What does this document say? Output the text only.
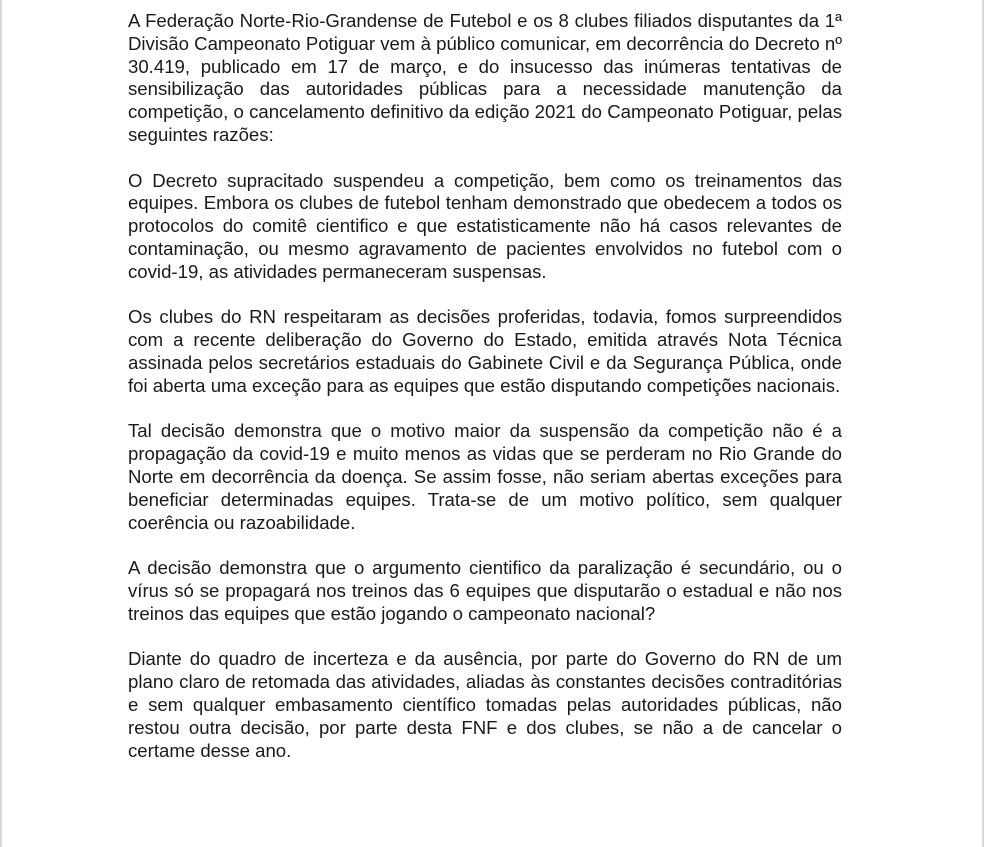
A Federação Norte-Rio-Grandense de Futebol e os 8 clubes filiados disputantes da 1ª Divisão Campeonato Potiguar vem à público comunicar, em decorrência do Decreto nº 30.419, publicado em 17 de março, e do insucesso das inúmeras tentativas de sensibilização das autoridades públicas para a necessidade manutenção da competição, o cancelamento definitivo da edição 2021 do Campeonato Potiguar, pelas seguintes razões:

O Decreto supracitado suspendeu a competição, bem como os treinamentos das equipes. Embora os clubes de futebol tenham demonstrado que obedecem a todos os protocolos do comitê cientifico e que estatisticamente não há casos relevantes de contaminação, ou mesmo agravamento de pacientes envolvidos no futebol com o covid-19, as atividades permaneceram suspensas.

Os clubes do RN respeitaram as decisões proferidas, todavia, fomos surpreendidos com a recente deliberação do Governo do Estado, emitida através Nota Técnica assinada pelos secretários estaduais do Gabinete Civil e da Segurança Pública, onde foi aberta uma exceção para as equipes que estão disputando competições nacionais.

Tal decisão demonstra que o motivo maior da suspensão da competição não é a propagação da covid-19 e muito menos as vidas que se perderam no Rio Grande do Norte em decorrência da doença. Se assim fosse, não seriam abertas exceções para beneficiar determinadas equipes. Trata-se de um motivo político, sem qualquer coerência ou razoabilidade.

A decisão demonstra que o argumento cientifico da paralização é secundário, ou o vírus só se propagará nos treinos das 6 equipes que disputarão o estadual e não nos treinos das equipes que estão jogando o campeonato nacional?

Diante do quadro de incerteza e da ausência, por parte do Governo do RN de um plano claro de retomada das atividades, aliadas às constantes decisões contraditórias e sem qualquer embasamento científico tomadas pelas autoridades públicas, não restou outra decisão, por parte desta FNF e dos clubes, se não a de cancelar o certame desse ano.
